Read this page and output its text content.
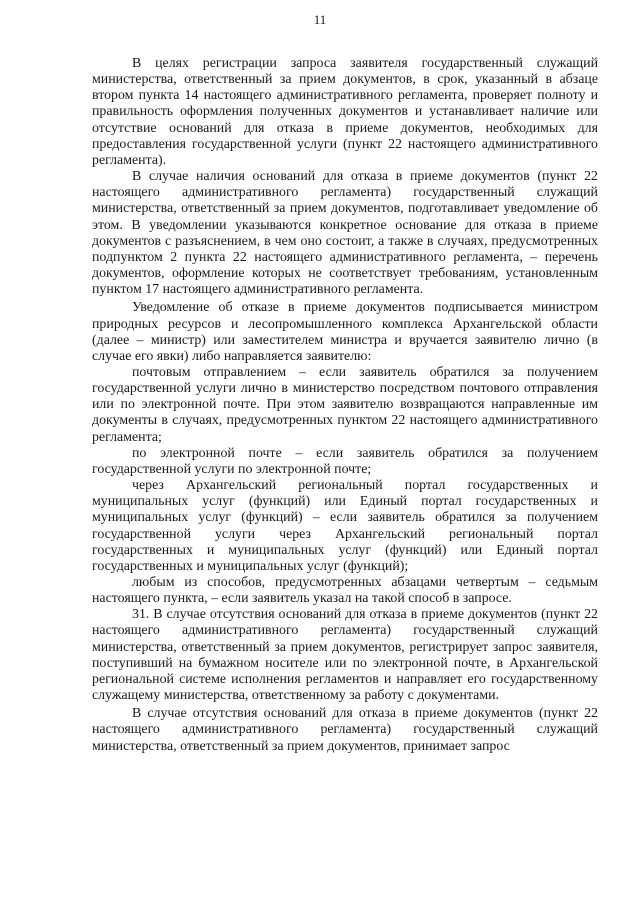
11

В целях регистрации запроса заявителя государственный служащий министерства, ответственный за прием документов, в срок, указанный в абзаце втором пункта 14 настоящего административного регламента, проверяет полноту и правильность оформления полученных документов и устанавливает наличие или отсутствие оснований для отказа в приеме документов, необходимых для предоставления государственной услуги (пункт 22 настоящего административного регламента).

В случае наличия оснований для отказа в приеме документов (пункт 22 настоящего административного регламента) государственный служащий министерства, ответственный за прием документов, подготавливает уведомление об этом. В уведомлении указываются конкретное основание для отказа в приеме документов с разъяснением, в чем оно состоит, а также в случаях, предусмотренных подпунктом 2 пункта 22 настоящего административного регламента, – перечень документов, оформление которых не соответствует требованиям, установленным пунктом 17 настоящего административного регламента.

Уведомление об отказе в приеме документов подписывается министром природных ресурсов и лесопромышленного комплекса Архангельской области (далее – министр) или заместителем министра и вручается заявителю лично (в случае его явки) либо направляется заявителю:

почтовым отправлением – если заявитель обратился за получением государственной услуги лично в министерство посредством почтового отправления или по электронной почте. При этом заявителю возвращаются направленные им документы в случаях, предусмотренных пунктом 22 настоящего административного регламента;

по электронной почте – если заявитель обратился за получением государственной услуги по электронной почте;

через Архангельский региональный портал государственных и муниципальных услуг (функций) или Единый портал государственных и муниципальных услуг (функций) – если заявитель обратился за получением государственной услуги через Архангельский региональный портал государственных и муниципальных услуг (функций) или Единый портал государственных и муниципальных услуг (функций);

любым из способов, предусмотренных абзацами четвертым – седьмым настоящего пункта, – если заявитель указал на такой способ в запросе.

31. В случае отсутствия оснований для отказа в приеме документов (пункт 22 настоящего административного регламента) государственный служащий министерства, ответственный за прием документов, регистрирует запрос заявителя, поступивший на бумажном носителе или по электронной почте, в Архангельской региональной системе исполнения регламентов и направляет его государственному служащему министерства, ответственному за работу с документами.

В случае отсутствия оснований для отказа в приеме документов (пункт 22 настоящего административного регламента) государственный служащий министерства, ответственный за прием документов, принимает запрос
